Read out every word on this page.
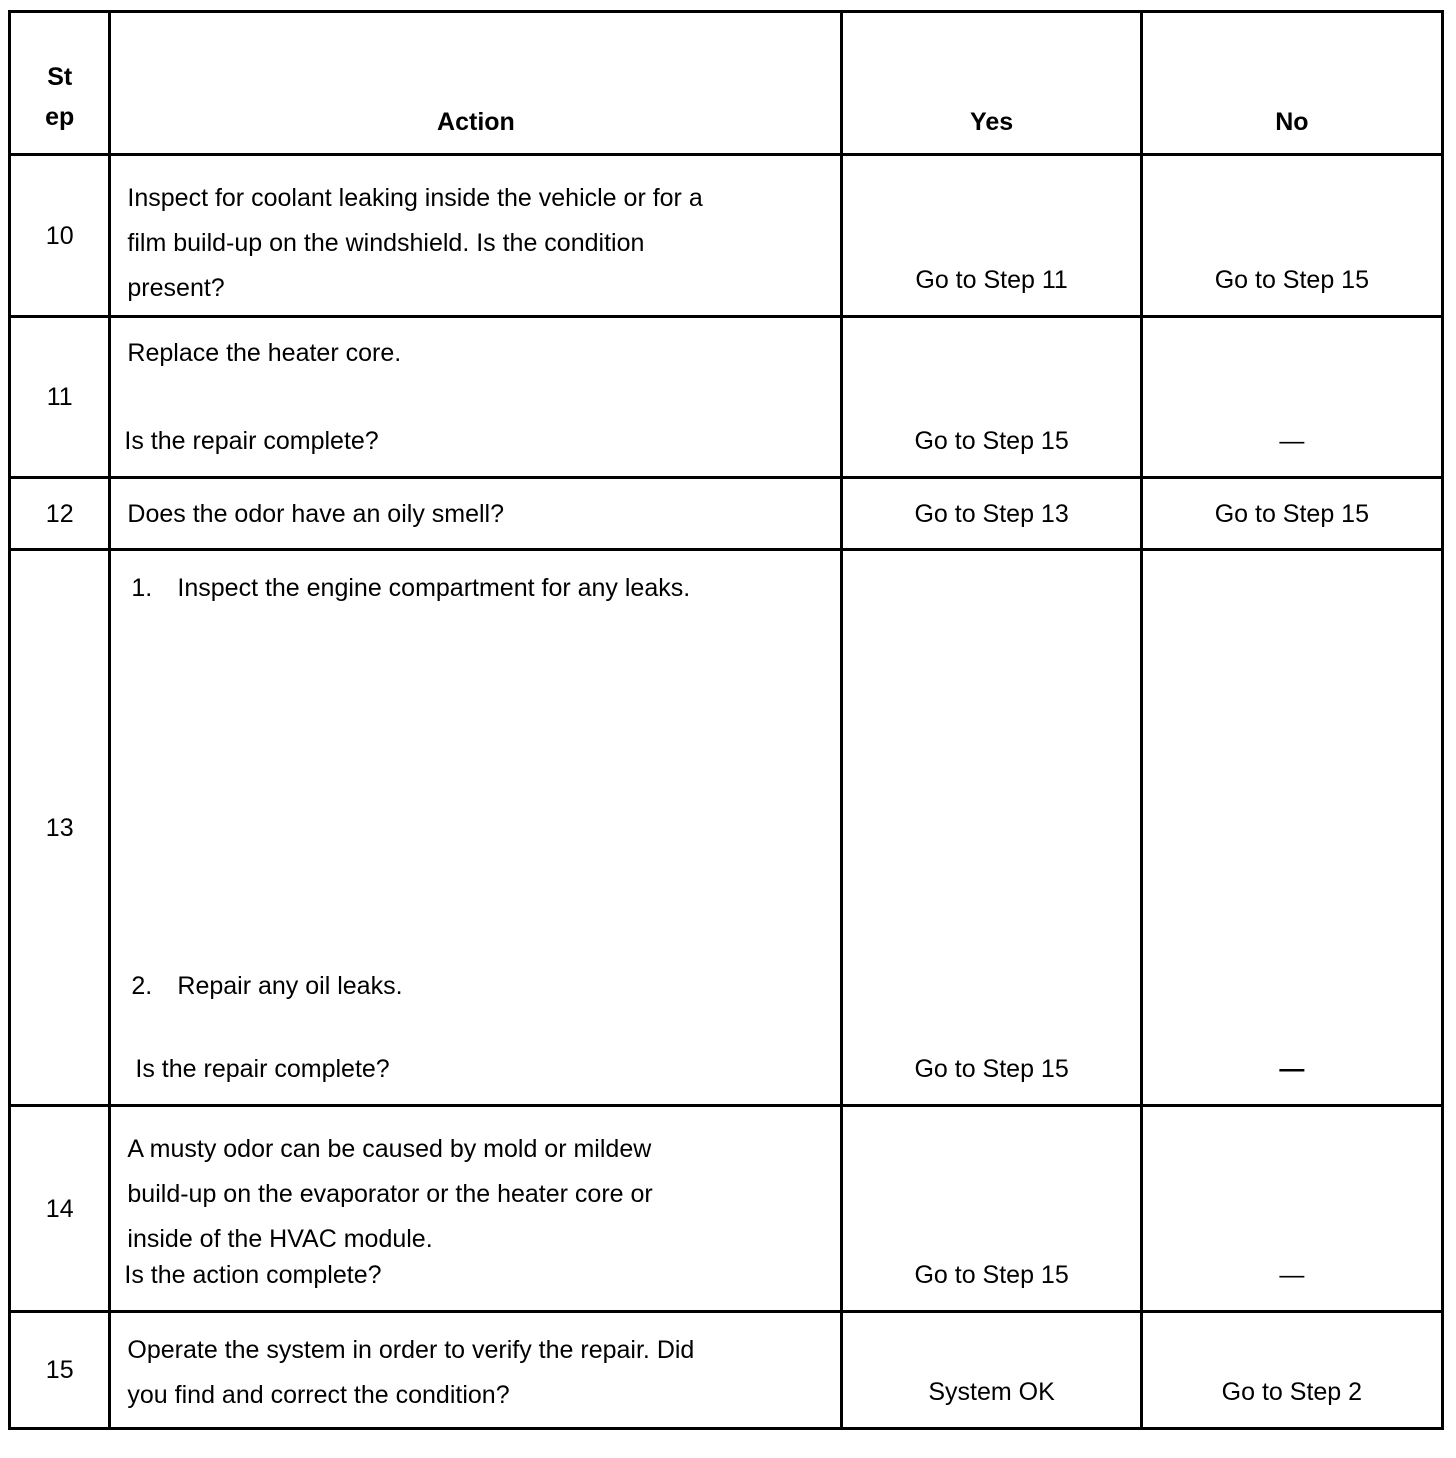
St
ep	Action	Yes	No

10	Inspect for coolant leaking inside the vehicle or for a
film build-up on the windshield. Is the condition
present?	Go to Step 11	Go to Step 15

11	Replace the heater core.
Is the repair complete?	Go to Step 15	—

12	Does the odor have an oily smell?	Go to Step 13	Go to Step 15

13	1. Inspect the engine compartment for any leaks.
2. Repair any oil leaks.
Is the repair complete?	Go to Step 15	—

14	A musty odor can be caused by mold or mildew
build-up on the evaporator or the heater core or
inside of the HVAC module.
Is the action complete?	Go to Step 15	—

15	Operate the system in order to verify the repair. Did
you find and correct the condition?	System OK	Go to Step 2
